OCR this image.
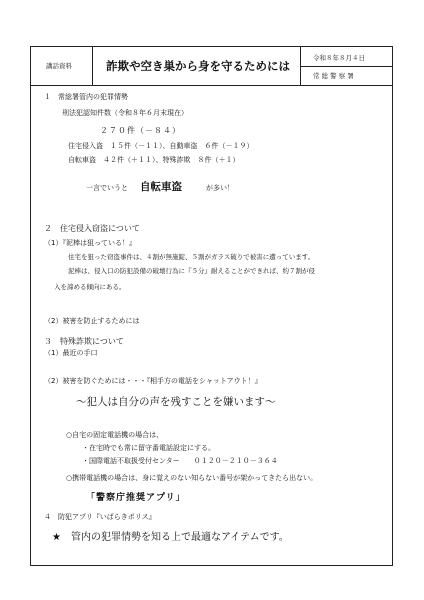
講話資料	詐欺や空き巣から身を守るためには
令和８年８月４日
常 総 警 察 署
１　常総署管内の犯罪情勢
刑法犯認知件数（令和８年６月末現在）
２７０件（－８４）
住宅侵入盗　１５件（－１１）、自動車盗　６件（－１９）
自転車盗　４２件（＋１１）、特殊詐欺　８件（＋１）
一言でいうと 自転車盗	が多い！
２　住宅侵入窃盗について
（1）『泥棒は狙っている！』
住宅を狙った窃盗事件は、４割が無施錠、５割がガラス破りで被害に遭っています。
泥棒は、侵入口の防犯設備の破壊行為に『５分』耐えることができれば、約７割が侵
入を諦める傾向にある。
（2）被害を防止するためには
３　特殊詐欺について
（1）最近の手口
（2）被害を防ぐためには・・・『相手方の電話をシャットアウト！』
～犯人は自分の声を残すことを嫌います～
○自宅の固定電話機の場合は、
・在宅時でも常に留守番電話設定にする。
・国際電話不取扱受付センター　　０１２０－２１０－３６４
○携帯電話機の場合は、身に覚えのない知らない番号が架かってきたら出ない。
「警察庁推奨アプリ」
４　防犯アプリ『いばらきポリス』
★　管内の犯罪情勢を知る上で最適なアイテムです。
